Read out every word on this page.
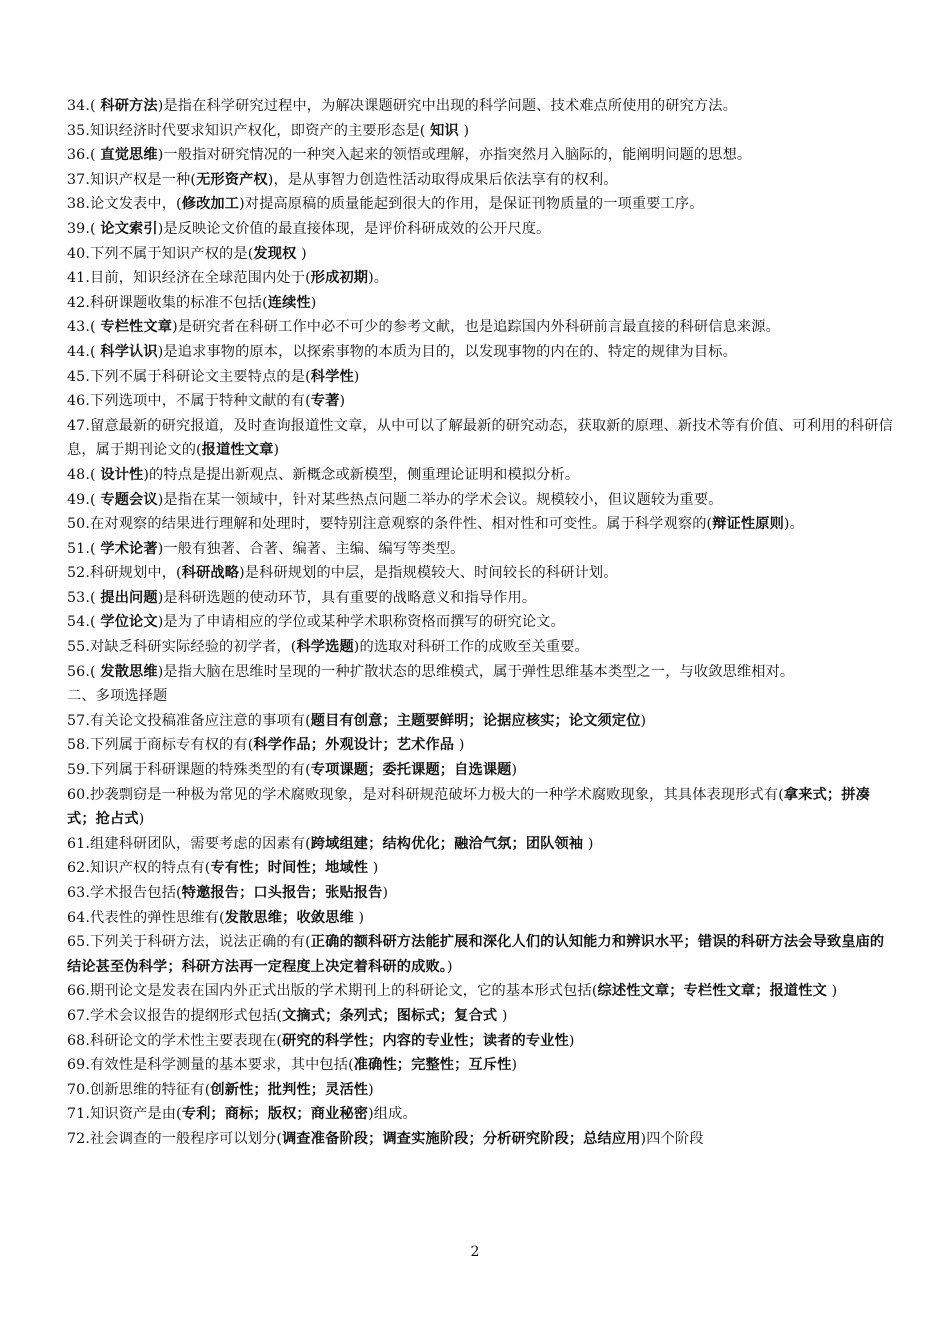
34.( 科研方法)是指在科学研究过程中，为解决课题研究中出现的科学问题、技术难点所使用的研究方法。
35.知识经济时代要求知识产权化，即资产的主要形态是( 知识 )
36.( 直觉思维)一般指对研究情况的一种突入起来的领悟或理解，亦指突然月入脑际的，能阐明问题的思想。
37.知识产权是一种(无形资产权)，是从事智力创造性活动取得成果后依法享有的权利。
38.论文发表中，(修改加工)对提高原稿的质量能起到很大的作用，是保证刊物质量的一项重要工序。
39.( 论文索引)是反映论文价值的最直接体现，是评价科研成效的公开尺度。
40.下列不属于知识产权的是(发现权 )
41.目前，知识经济在全球范围内处于(形成初期)。
42.科研课题收集的标准不包括(连续性)
43.( 专栏性文章)是研究者在科研工作中必不可少的参考文献，也是追踪国内外科研前言最直接的科研信息来源。
44.( 科学认识)是追求事物的原本，以探索事物的本质为目的，以发现事物的内在的、特定的规律为目标。
45.下列不属于科研论文主要特点的是(科学性)
46.下列选项中，不属于特种文献的有(专著)
47.留意最新的研究报道，及时查询报道性文章，从中可以了解最新的研究动态，获取新的原理、新技术等有价值、可利用的科研信息，属于期刊论文的(报道性文章)
48.( 设计性)的特点是提出新观点、新概念或新模型，侧重理论证明和模拟分析。
49.( 专题会议)是指在某一领域中，针对某些热点问题二举办的学术会议。规模较小，但议题较为重要。
50.在对观察的结果进行理解和处理时，要特别注意观察的条件性、相对性和可变性。属于科学观察的(辩证性原则)。
51.( 学术论著)一般有独著、合著、编著、主编、编写等类型。
52.科研规划中，(科研战略)是科研规划的中层，是指规模较大、时间较长的科研计划。
53.( 提出问题)是科研选题的使动环节，具有重要的战略意义和指导作用。
54.( 学位论文)是为了申请相应的学位或某种学术职称资格而撰写的研究论文。
55.对缺乏科研实际经验的初学者，(科学选题)的选取对科研工作的成败至关重要。
56.( 发散思维)是指大脑在思维时呈现的一种扩散状态的思维模式，属于弹性思维基本类型之一，与收敛思维相对。
二、多项选择题
57.有关论文投稿准备应注意的事项有(题目有创意；主题要鲜明；论据应核实；论文须定位)
58.下列属于商标专有权的有(科学作品；外观设计；艺术作品 )
59.下列属于科研课题的特殊类型的有(专项课题；委托课题；自选课题)
60.抄袭剽窃是一种极为常见的学术腐败现象，是对科研规范破坏力极大的一种学术腐败现象，其具体表现形式有(拿来式；拼凑式；抢占式)
61.组建科研团队，需要考虑的因素有(跨域组建；结构优化；融洽气氛；团队领袖 )
62.知识产权的特点有(专有性；时间性；地域性 )
63.学术报告包括(特邀报告；口头报告；张贴报告)
64.代表性的弹性思维有(发散思维；收敛思维 )
65.下列关于科研方法，说法正确的有(正确的额科研方法能扩展和深化人们的认知能力和辨识水平；错误的科研方法会导致皇庙的结论甚至伪科学；科研方法再一定程度上决定着科研的成败。)
66.期刊论文是发表在国内外正式出版的学术期刊上的科研论文，它的基本形式包括(综述性文章；专栏性文章；报道性文 )
67.学术会议报告的提纲形式包括(文摘式；条列式；图标式；复合式 )
68.科研论文的学术性主要表现在(研究的科学性；内容的专业性；读者的专业性)
69.有效性是科学测量的基本要求，其中包括(准确性；完整性；互斥性)
70.创新思维的特征有(创新性；批判性；灵活性)
71.知识资产是由(专利；商标；版权；商业秘密)组成。
72.社会调查的一般程序可以划分(调查准备阶段；调查实施阶段；分析研究阶段；总结应用)四个阶段
2
